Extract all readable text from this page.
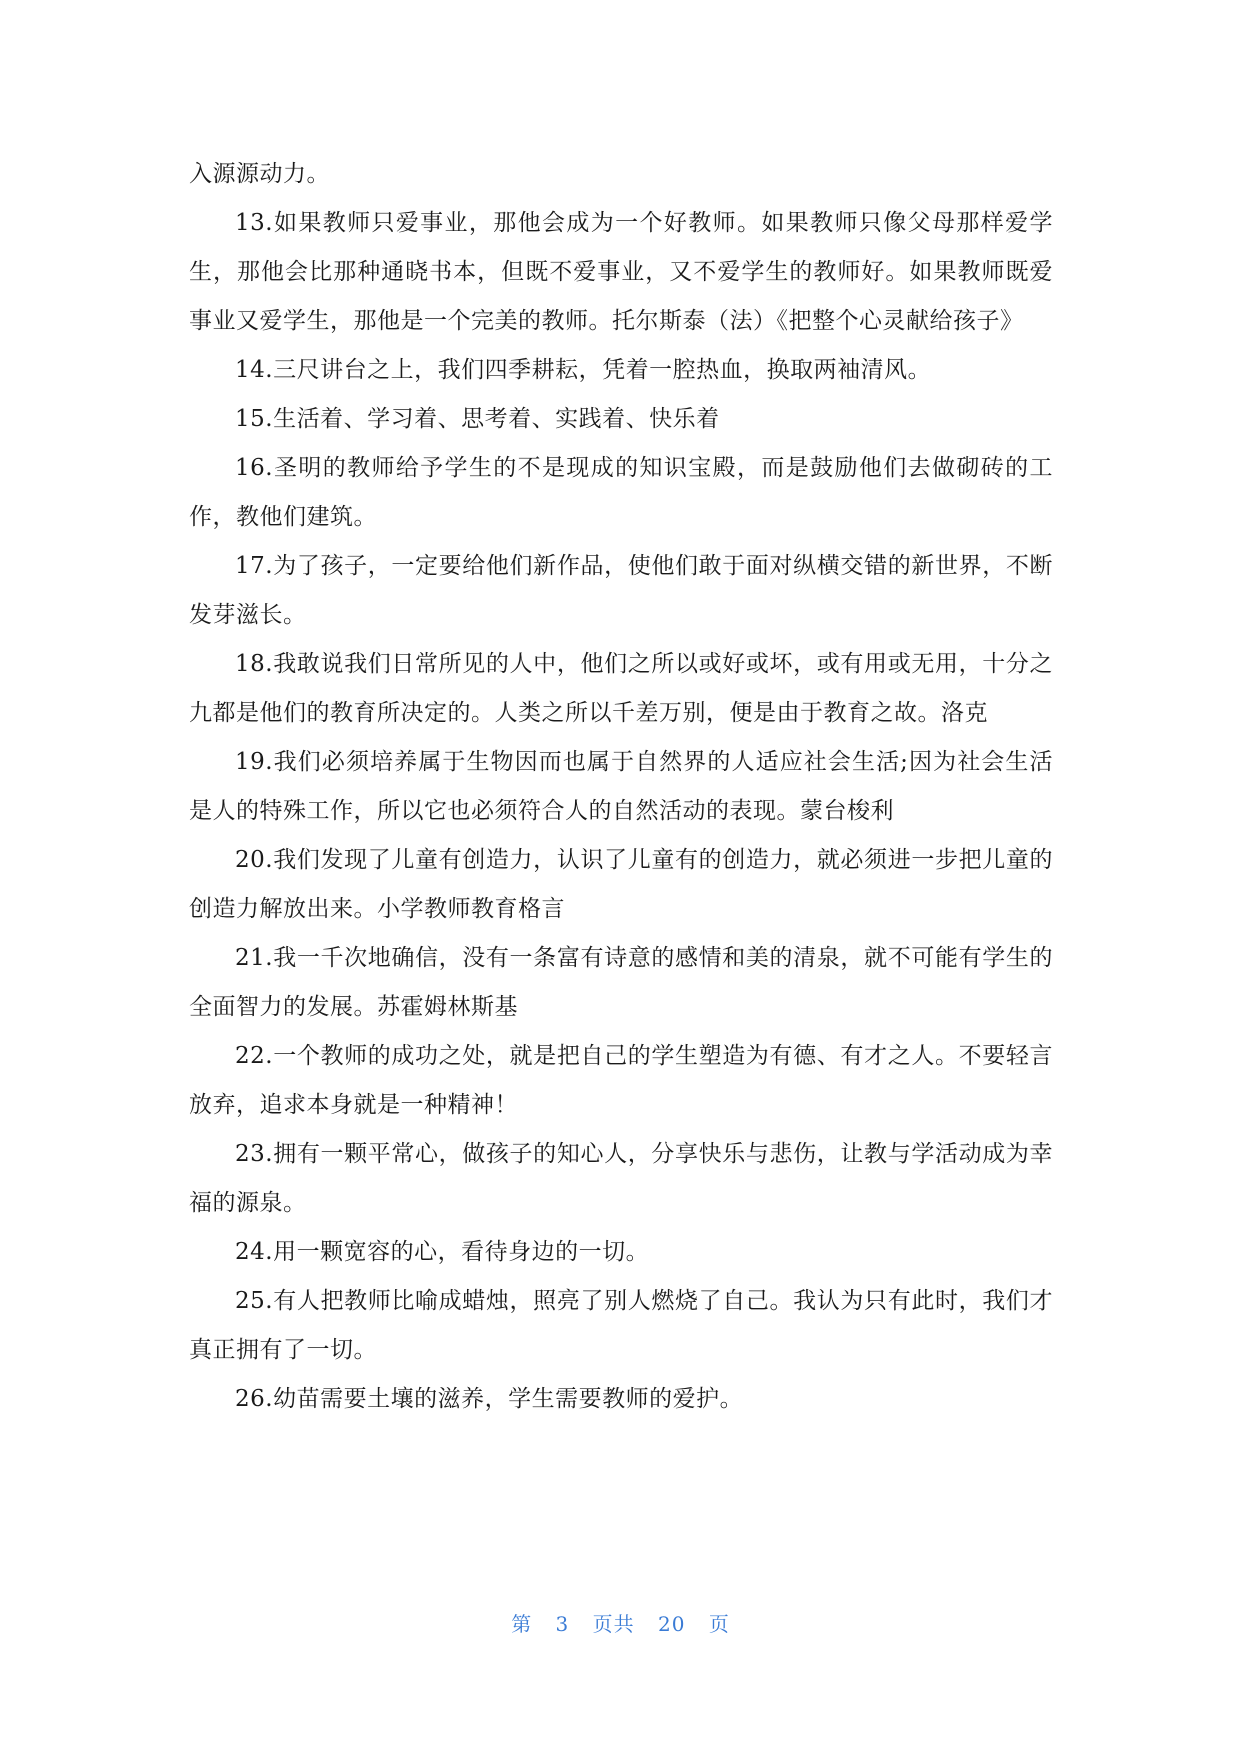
入源源动力。

13.如果教师只爱事业，那他会成为一个好教师。如果教师只像父母那样爱学生，那他会比那种通晓书本，但既不爱事业，又不爱学生的教师好。如果教师既爱事业又爱学生，那他是一个完美的教师。托尔斯泰（法）《把整个心灵献给孩子》

14.三尺讲台之上，我们四季耕耘，凭着一腔热血，换取两袖清风。

15.生活着、学习着、思考着、实践着、快乐着

16.圣明的教师给予学生的不是现成的知识宝殿，而是鼓励他们去做砌砖的工作，教他们建筑。

17.为了孩子，一定要给他们新作品，使他们敢于面对纵横交错的新世界，不断发芽滋长。

18.我敢说我们日常所见的人中，他们之所以或好或坏，或有用或无用，十分之九都是他们的教育所决定的。人类之所以千差万别，便是由于教育之故。洛克

19.我们必须培养属于生物因而也属于自然界的人适应社会生活;因为社会生活是人的特殊工作，所以它也必须符合人的自然活动的表现。蒙台梭利

20.我们发现了儿童有创造力，认识了儿童有的创造力，就必须进一步把儿童的创造力解放出来。小学教师教育格言

21.我一千次地确信，没有一条富有诗意的感情和美的清泉，就不可能有学生的全面智力的发展。苏霍姆林斯基

22.一个教师的成功之处，就是把自己的学生塑造为有德、有才之人。不要轻言放弃，追求本身就是一种精神！

23.拥有一颗平常心，做孩子的知心人，分享快乐与悲伤，让教与学活动成为幸福的源泉。

24.用一颗宽容的心，看待身边的一切。

25.有人把教师比喻成蜡烛，照亮了别人燃烧了自己。我认为只有此时，我们才真正拥有了一切。

26.幼苗需要土壤的滋养，学生需要教师的爱护。

第 3 页共 20 页
